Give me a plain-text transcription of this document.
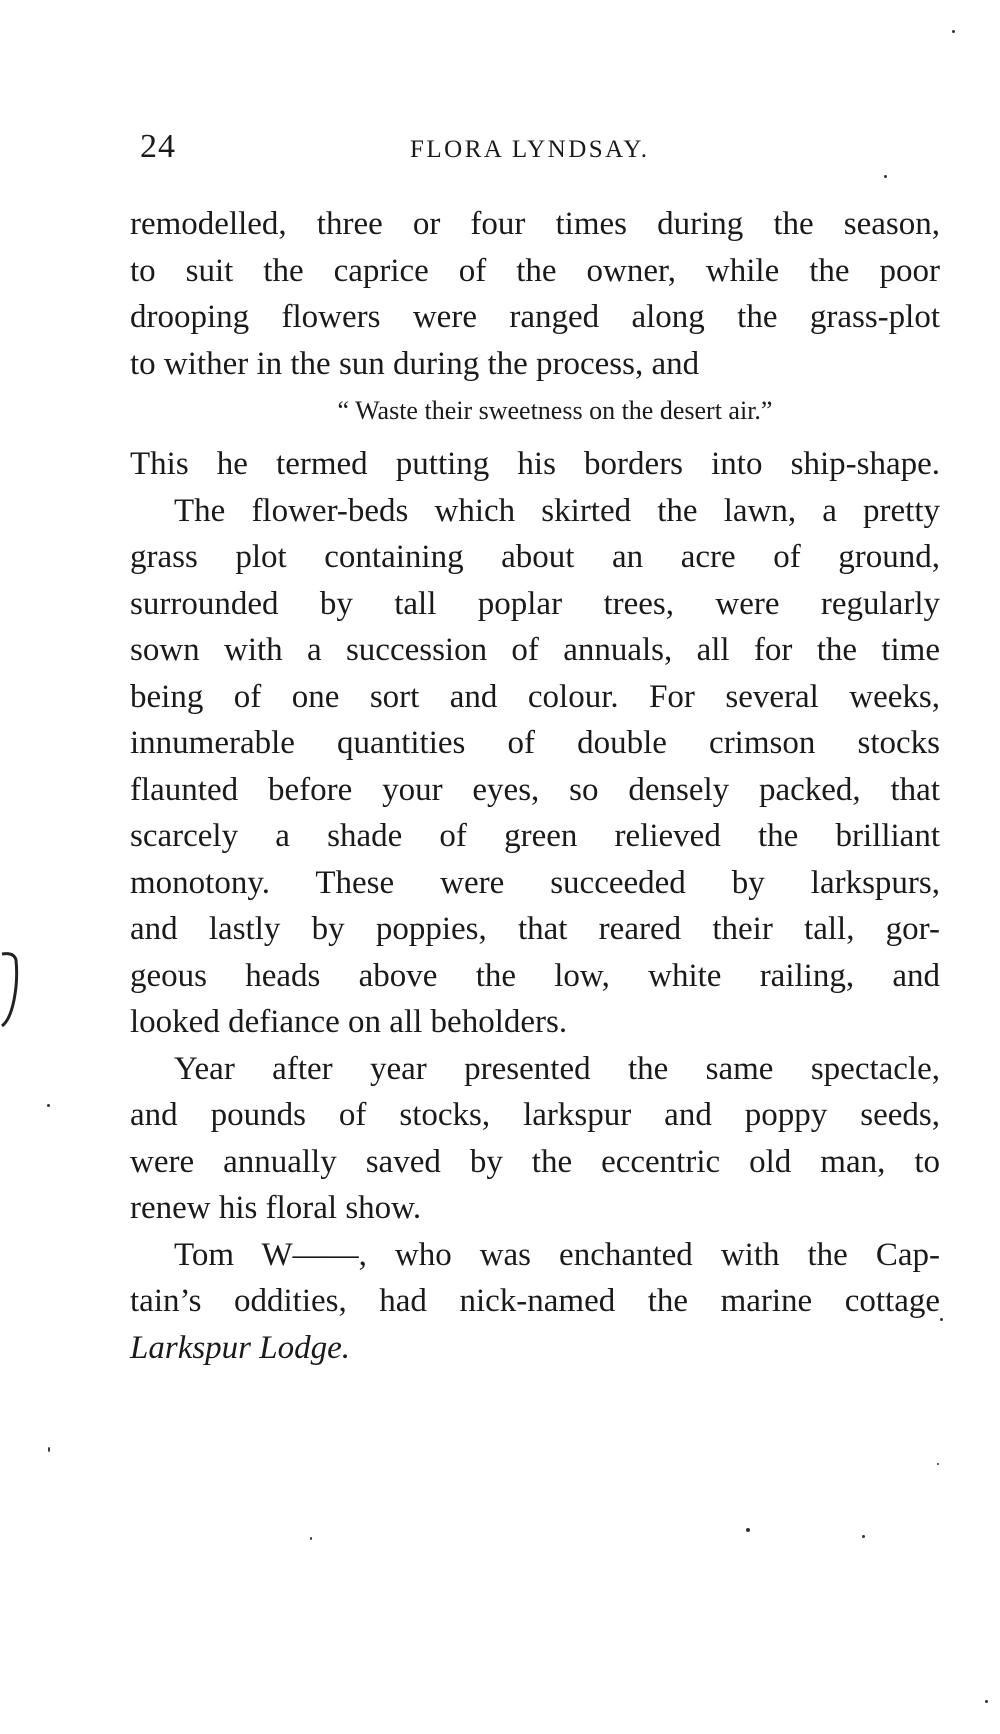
24	FLORA LYNDSAY.
remodelled, three or four times during the season,
to suit the caprice of the owner, while the poor
drooping flowers were ranged along the grass-plot
to wither in the sun during the process, and
“ Waste their sweetness on the desert air.”
This he termed putting his borders into ship-shape.
The flower-beds which skirted the lawn, a pretty
grass plot containing about an acre of ground,
surrounded by tall poplar trees, were regularly
sown with a succession of annuals, all for the time
being of one sort and colour. For several weeks,
innumerable quantities of double crimson stocks
flaunted before your eyes, so densely packed, that
scarcely a shade of green relieved the brilliant
monotony. These were succeeded by larkspurs,
and lastly by poppies, that reared their tall, gor-
geous heads above the low, white railing, and
looked defiance on all beholders.
Year after year presented the same spectacle,
and pounds of stocks, larkspur and poppy seeds,
were annually saved by the eccentric old man, to
renew his floral show.
Tom W——, who was enchanted with the Cap-
tain’s oddities, had nick-named the marine cottage
Larkspur Lodge.
